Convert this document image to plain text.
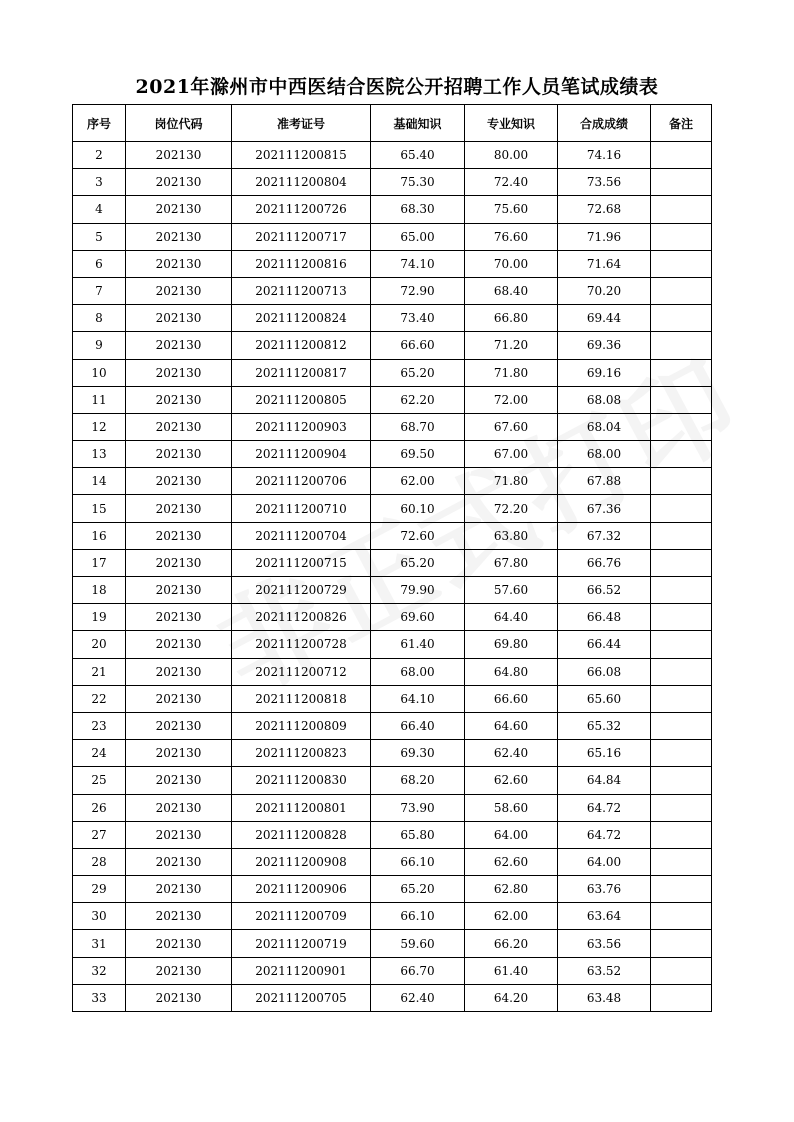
2021年滁州市中西医结合医院公开招聘工作人员笔试成绩表
序号	岗位代码	准考证号	基础知识	专业知识	合成成绩	备注
2	202130	202111200815	65.40	80.00	74.16	
3	202130	202111200804	75.30	72.40	73.56	
4	202130	202111200726	68.30	75.60	72.68	
5	202130	202111200717	65.00	76.60	71.96	
6	202130	202111200816	74.10	70.00	71.64	
7	202130	202111200713	72.90	68.40	70.20	
8	202130	202111200824	73.40	66.80	69.44	
9	202130	202111200812	66.60	71.20	69.36	
10	202130	202111200817	65.20	71.80	69.16	
11	202130	202111200805	62.20	72.00	68.08	
12	202130	202111200903	68.70	67.60	68.04	
13	202130	202111200904	69.50	67.00	68.00	
14	202130	202111200706	62.00	71.80	67.88	
15	202130	202111200710	60.10	72.20	67.36	
16	202130	202111200704	72.60	63.80	67.32	
17	202130	202111200715	65.20	67.80	66.76	
18	202130	202111200729	79.90	57.60	66.52	
19	202130	202111200826	69.60	64.40	66.48	
20	202130	202111200728	61.40	69.80	66.44	
21	202130	202111200712	68.00	64.80	66.08	
22	202130	202111200818	64.10	66.60	65.60	
23	202130	202111200809	66.40	64.60	65.32	
24	202130	202111200823	69.30	62.40	65.16	
25	202130	202111200830	68.20	62.60	64.84	
26	202130	202111200801	73.90	58.60	64.72	
27	202130	202111200828	65.80	64.00	64.72	
28	202130	202111200908	66.10	62.60	64.00	
29	202130	202111200906	65.20	62.80	63.76	
30	202130	202111200709	66.10	62.00	63.64	
31	202130	202111200719	59.60	66.20	63.56	
32	202130	202111200901	66.70	61.40	63.52	
33	202130	202111200705	62.40	64.20	63.48	
